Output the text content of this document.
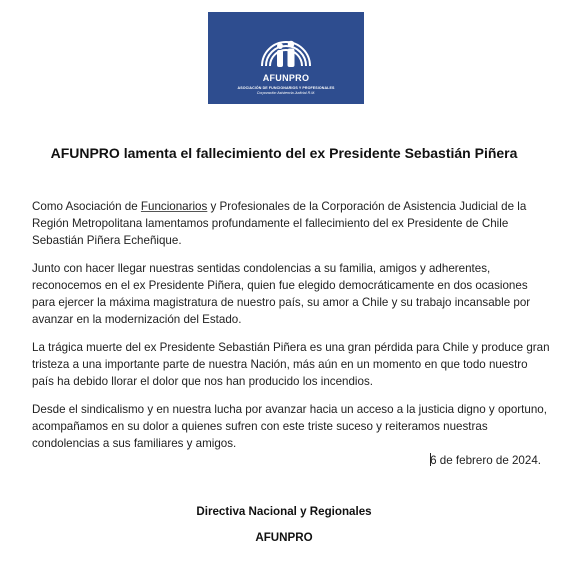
AFUNPRO
ASOCIACIÓN DE FUNCIONARIOS Y PROFESIONALES
Corporación Asistencia Judicial R.M.
AFUNPRO lamenta el fallecimiento del ex Presidente Sebastián Piñera

Como Asociación de Funcionarios y Profesionales de la Corporación de Asistencia Judicial de la Región Metropolitana lamentamos profundamente el fallecimiento del ex Presidente de Chile Sebastián Piñera Echeñique.

Junto con hacer llegar nuestras sentidas condolencias a su familia, amigos y adherentes, reconocemos en el ex Presidente Piñera, quien fue elegido democráticamente en dos ocasiones para ejercer la máxima magistratura de nuestro país, su amor a Chile y su trabajo incansable por avanzar en la modernización del Estado.

La trágica muerte del ex Presidente Sebastián Piñera es una gran pérdida para Chile y produce gran tristeza a una importante parte de nuestra Nación, más aún en un momento en que todo nuestro país ha debido llorar el dolor que nos han producido los incendios.

Desde el sindicalismo y en nuestra lucha por avanzar hacia un acceso a la justicia digno y oportuno, acompañamos en su dolor a quienes sufren con este triste suceso y reiteramos nuestras condolencias a sus familiares y amigos.

6 de febrero de 2024.
Directiva Nacional y Regionales
AFUNPRO
